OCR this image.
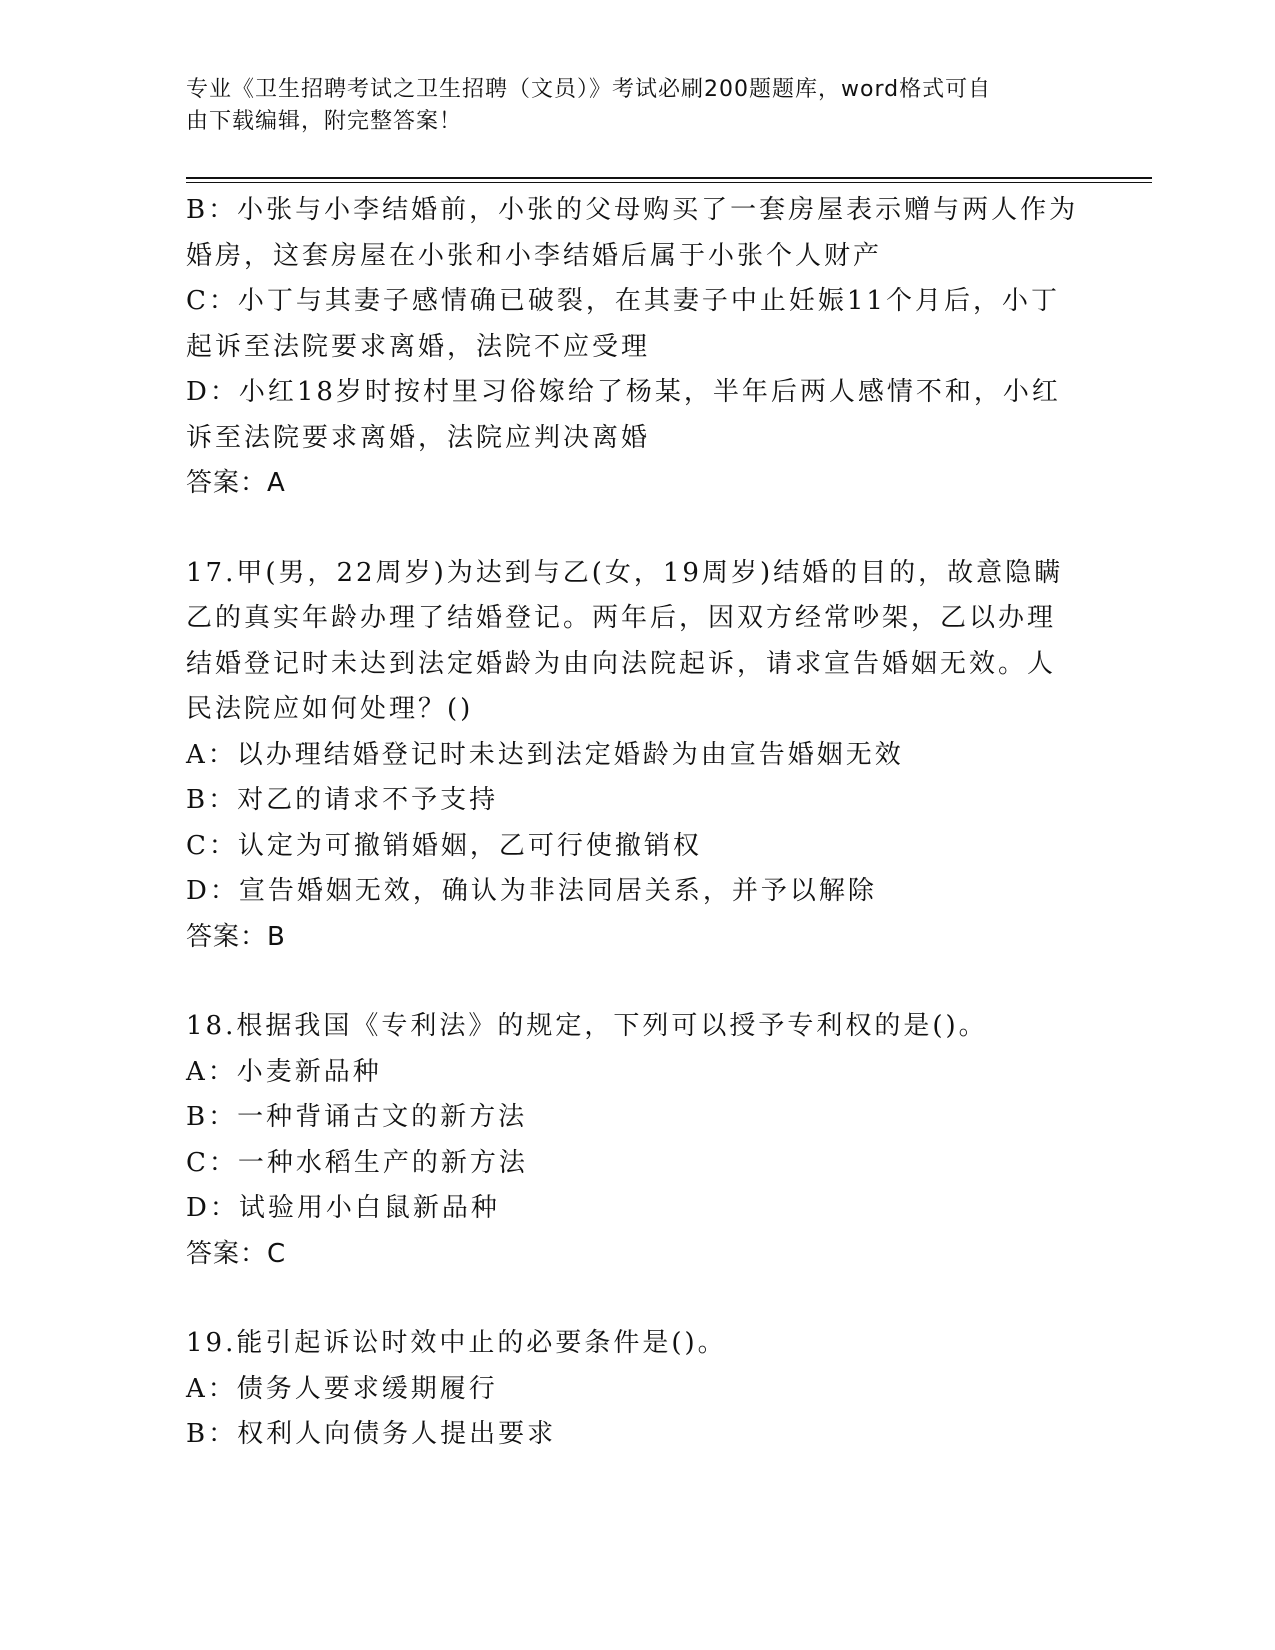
专业《卫生招聘考试之卫生招聘（文员）》考试必刷200题题库，word格式可自
由下载编辑，附完整答案！
B：小张与小李结婚前，小张的父母购买了一套房屋表示赠与两人作为
婚房，这套房屋在小张和小李结婚后属于小张个人财产
C：小丁与其妻子感情确已破裂，在其妻子中止妊娠11个月后，小丁
起诉至法院要求离婚，法院不应受理
D：小红18岁时按村里习俗嫁给了杨某，半年后两人感情不和，小红
诉至法院要求离婚，法院应判决离婚
答案：A
17.甲(男，22周岁)为达到与乙(女，19周岁)结婚的目的，故意隐瞒
乙的真实年龄办理了结婚登记。两年后，因双方经常吵架，乙以办理
结婚登记时未达到法定婚龄为由向法院起诉，请求宣告婚姻无效。人
民法院应如何处理？()
A：以办理结婚登记时未达到法定婚龄为由宣告婚姻无效
B：对乙的请求不予支持
C：认定为可撤销婚姻，乙可行使撤销权
D：宣告婚姻无效，确认为非法同居关系，并予以解除
答案：B
18.根据我国《专利法》的规定，下列可以授予专利权的是()。
A：小麦新品种
B：一种背诵古文的新方法
C：一种水稻生产的新方法
D：试验用小白鼠新品种
答案：C
19.能引起诉讼时效中止的必要条件是()。
A：债务人要求缓期履行
B：权利人向债务人提出要求
